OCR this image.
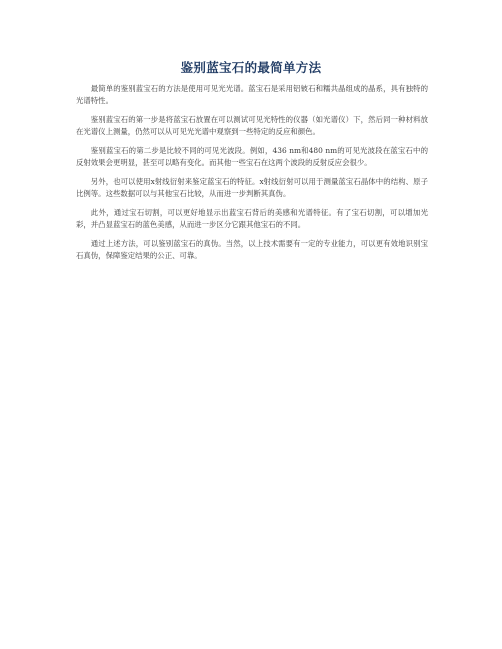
鉴别蓝宝石的最简单方法

最简单的鉴别蓝宝石的方法是使用可见光光谱。蓝宝石是采用铝铍石和糯共晶组成的晶系，具有独特的光谱特性。

鉴别蓝宝石的第一步是将蓝宝石放置在可以测试可见光特性的仪器（如光谱仪）下，然后同一种材料放在光谱仪上测量，仍然可以从可见光光谱中观察到一些特定的反应和颜色。

鉴别蓝宝石的第二步是比较不同的可见光波段。例如，436 nm和480 nm的可见光波段在蓝宝石中的反射效果会更明显，甚至可以略有变化。而其他一些宝石在这两个波段的反射反应会很少。

另外，也可以使用x射线衍射来鉴定蓝宝石的特征。x射线衍射可以用于测量蓝宝石晶体中的结构、原子比例等。这些数据可以与其他宝石比较，从而进一步判断其真伪。

此外，通过宝石切割，可以更好地显示出蓝宝石背后的美感和光谱特征。有了宝石切割，可以增加光彩，并凸显蓝宝石的蓝色美感，从而进一步区分它跟其他宝石的不同。

通过上述方法，可以鉴别蓝宝石的真伪。当然，以上技术需要有一定的专业能力，可以更有效地识别宝石真伪，保障鉴定结果的公正、可靠。
